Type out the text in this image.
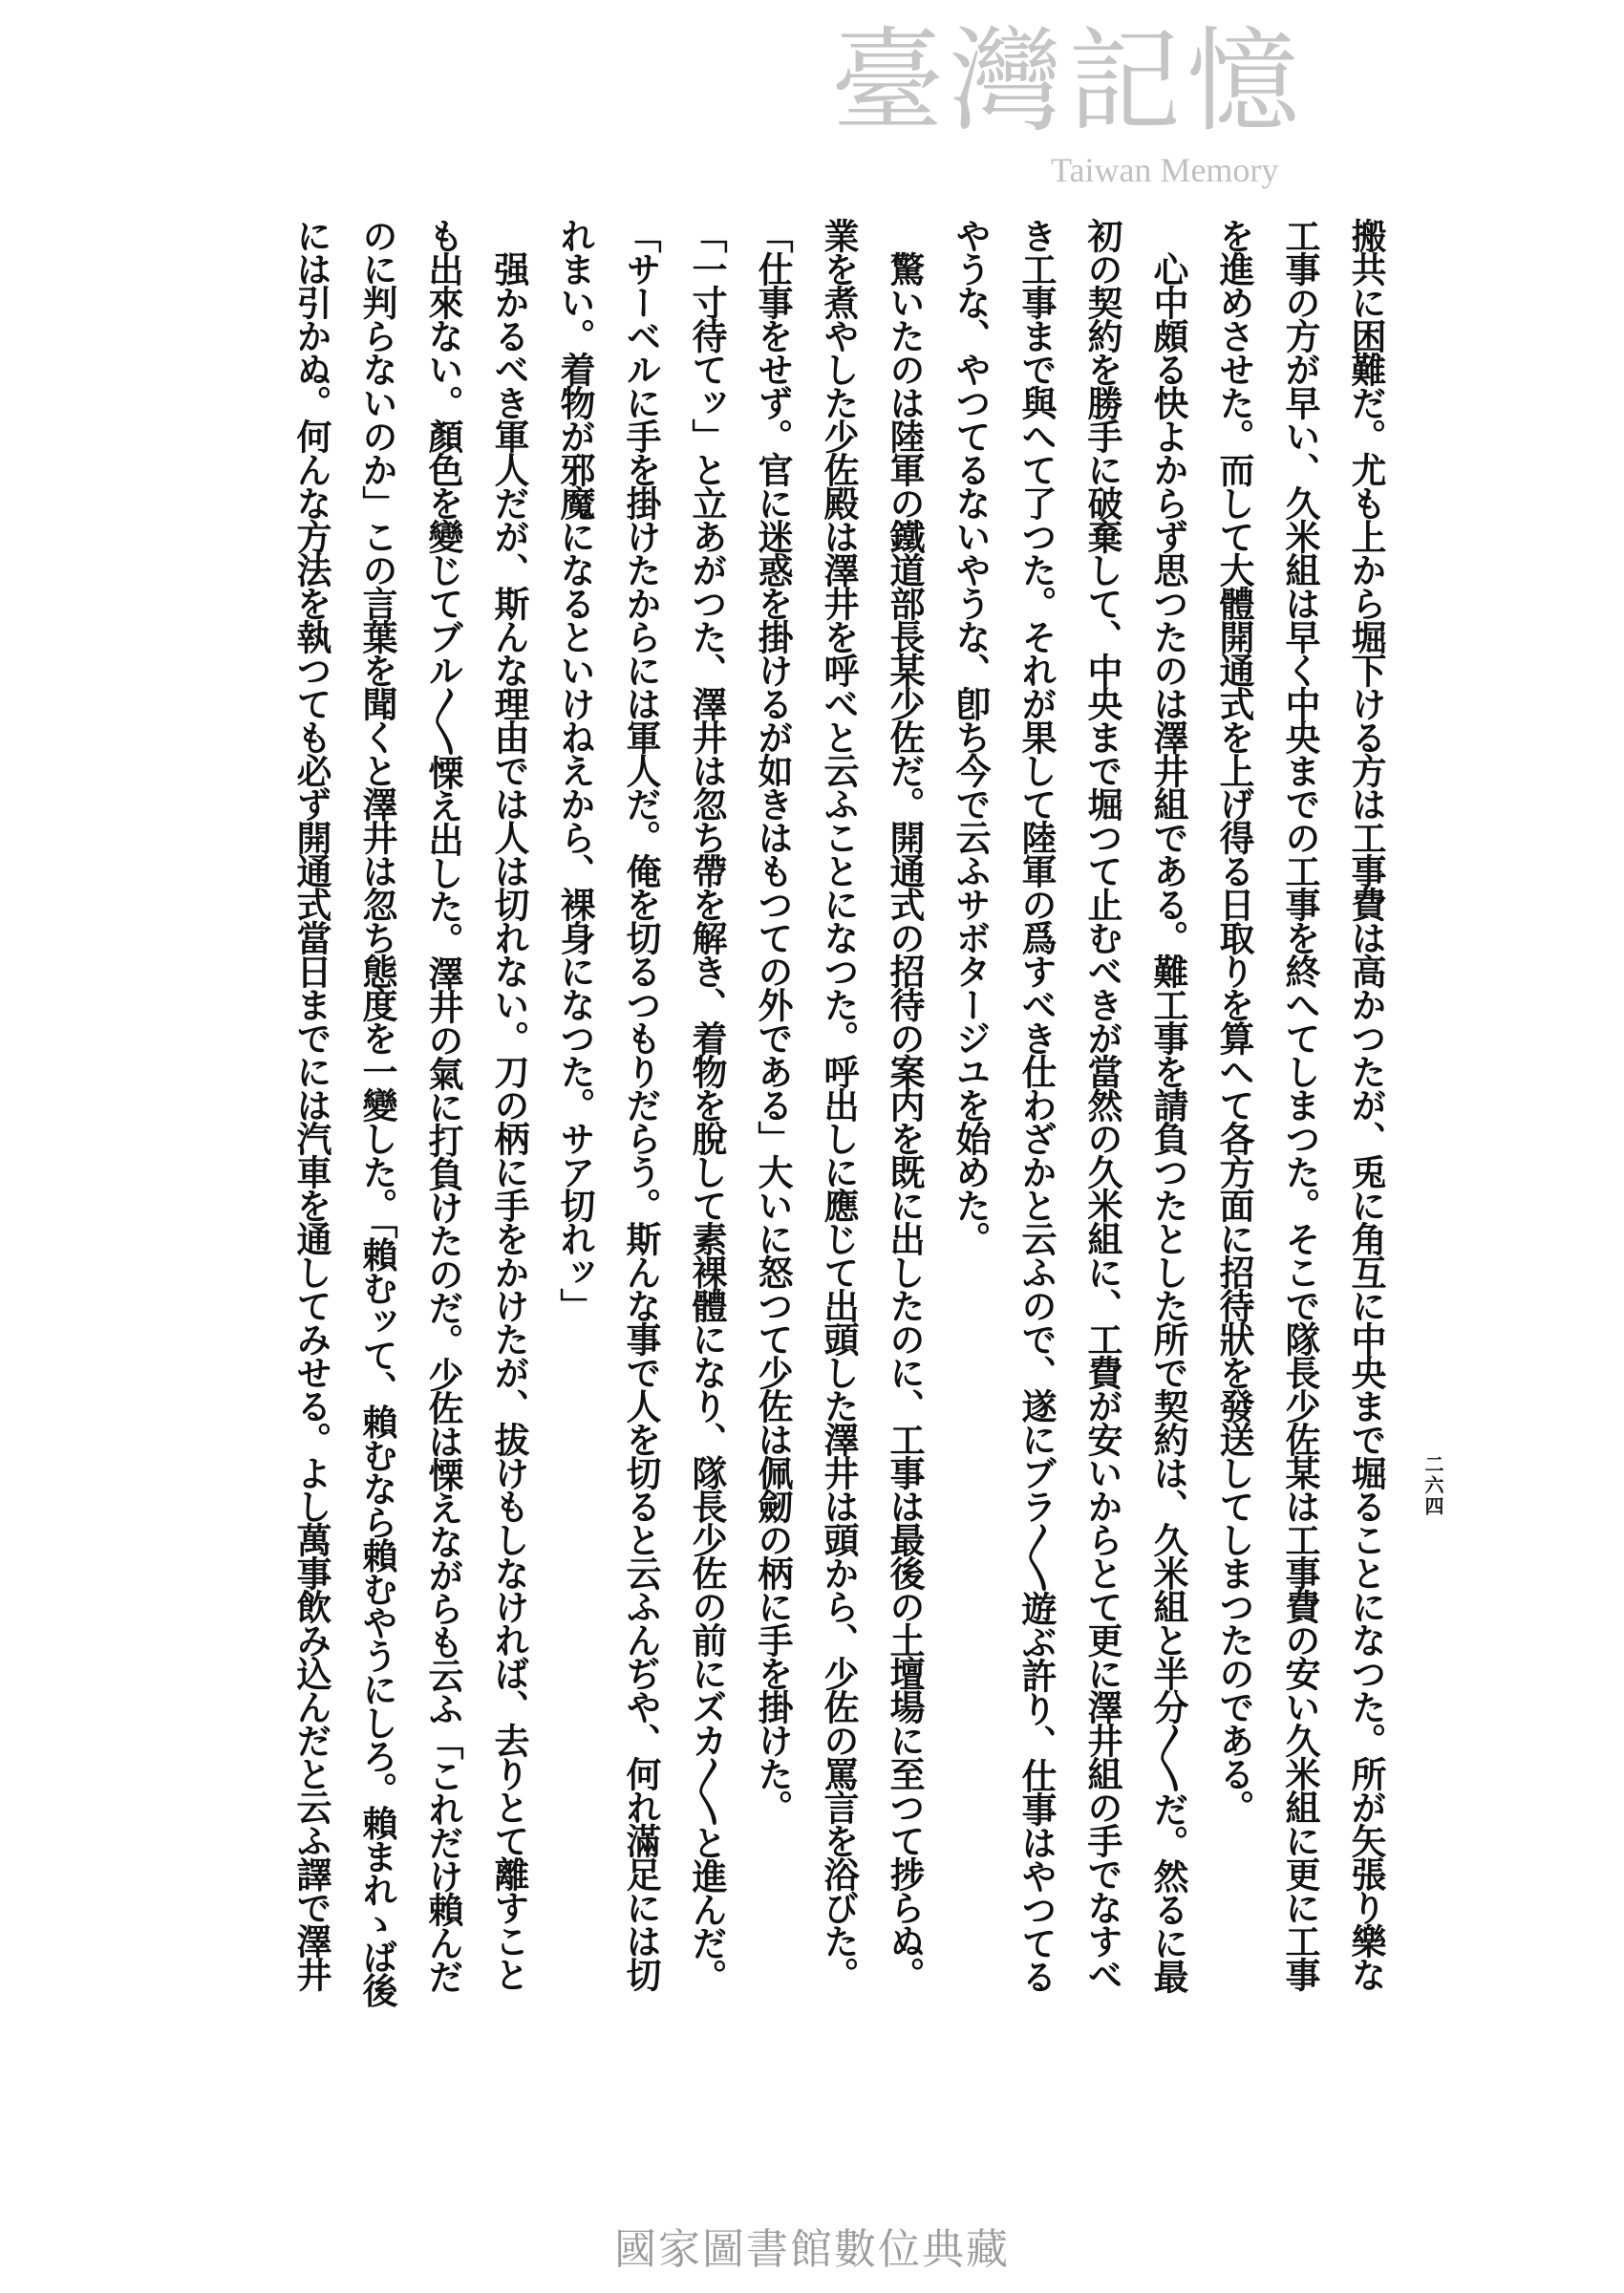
搬共に困難だ。尤も上から堀下ける方は工事費は高かつたが、兎に角互に中央まで堀ることになつた。所が矢張り樂な
工事の方が早い、久米組は早く中央までの工事を終へてしまつた。そこで隊長少佐某は工事費の安い久米組に更に工事
を進めさせた。而して大體開通式を上げ得る日取りを算へて各方面に招待狀を發送してしまつたのである。
　心中頗る快よからず思つたのは澤井組である。難工事を請負つたとした所で契約は、久米組と半分〱だ。然るに最
初の契約を勝手に破棄して、中央まで堀つて止むべきが當然の久米組に、工費が安いからとて更に澤井組の手でなすべ
き工事まで與へて了つた。それが果して陸軍の爲すべき仕わざかと云ふので、遂にブラ〱遊ぶ許り、仕事はやつてる
やうな、やつてるないやうな、卽ち今で云ふサボタージユを始めた。
　驚いたのは陸軍の鐵道部長某少佐だ。開通式の招待の案内を既に出したのに、工事は最後の土壇場に至つて捗らぬ。
業を煮やした少佐殿は澤井を呼べと云ふことになつた。呼出しに應じて出頭した澤井は頭から、少佐の罵言を浴びた。
「仕事をせず。官に迷惑を掛けるが如きはもつての外である」大いに怒つて少佐は佩劒の柄に手を掛けた。
「一寸待てッ」と立あがつた、澤井は忽ち帶を解き、着物を脫して素裸體になり、隊長少佐の前にズカ〱と進んだ。
「サーベルに手を掛けたからには軍人だ。俺を切るつもりだらう。斯んな事で人を切ると云ふんぢや、何れ滿足には切
れまい。着物が邪魔になるといけねえから、裸身になつた。サア切れッ」
　强かるべき軍人だが、斯んな理由では人は切れない。刀の柄に手をかけたが、拔けもしなければ、去りとて離すこと
も出來ない。顏色を變じてブル〱慄え出した。澤井の氣に打負けたのだ。少佐は慄えながらも云ふ「これだけ賴んだ
のに判らないのか」この言葉を聞くと澤井は忽ち態度を一變した。「賴むッて、賴むなら賴むやうにしろ。賴まれゝば後
には引かぬ。何んな方法を執つても必ず開通式當日までには汽車を通してみせる。よし萬事飲み込んだと云ふ譯で澤井	二六四
臺灣記憶
Taiwan Memory
國家圖書館數位典藏
